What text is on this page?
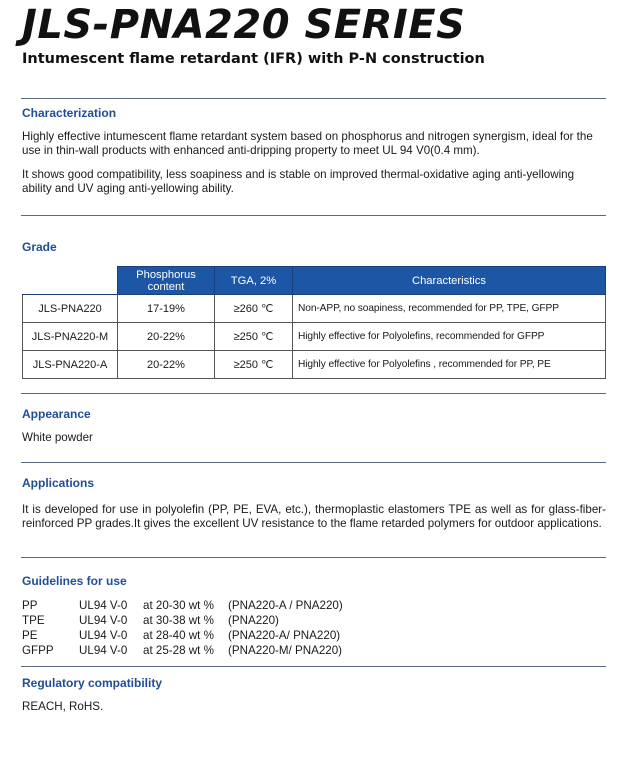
JLS-PNA220 SERIES

Intumescent flame retardant (IFR) with P-N construction

Characterization

Highly effective intumescent flame retardant system based on phosphorus and nitrogen synergism, ideal for the use in thin-wall products with enhanced anti-dripping property to meet UL 94 V0(0.4 mm).

It shows good compatibility, less soapiness and is stable on improved thermal-oxidative aging anti-yellowing ability and UV aging anti-yellowing ability.

Grade
	Phosphorus content	TGA, 2%	Characteristics
JLS-PNA220	17-19%	≥260 ℃	Non-APP, no soapiness, recommended for PP, TPE, GFPP
JLS-PNA220-M	20-22%	≥250 ℃	Highly effective for Polyolefins, recommended for GFPP
JLS-PNA220-A	20-22%	≥250 ℃	Highly effective for Polyolefins , recommended for PP, PE
Appearance

White powder

Applications

It is developed for use in polyolefin (PP, PE, EVA, etc.), thermoplastic elastomers TPE as well as for glass-fiber-reinforced PP grades.It gives the excellent UV resistance to the flame retarded polymers for outdoor applications.

Guidelines for use
PP	UL94 V-0	at 20-30 wt %	(PNA220-A / PNA220)
TPE	UL94 V-0	at 30-38 wt %	(PNA220)
PE	UL94 V-0	at 28-40 wt %	(PNA220-A/ PNA220)
GFPP	UL94 V-0	at 25-28 wt %	(PNA220-M/ PNA220)
Regulatory compatibility

REACH, RoHS.
